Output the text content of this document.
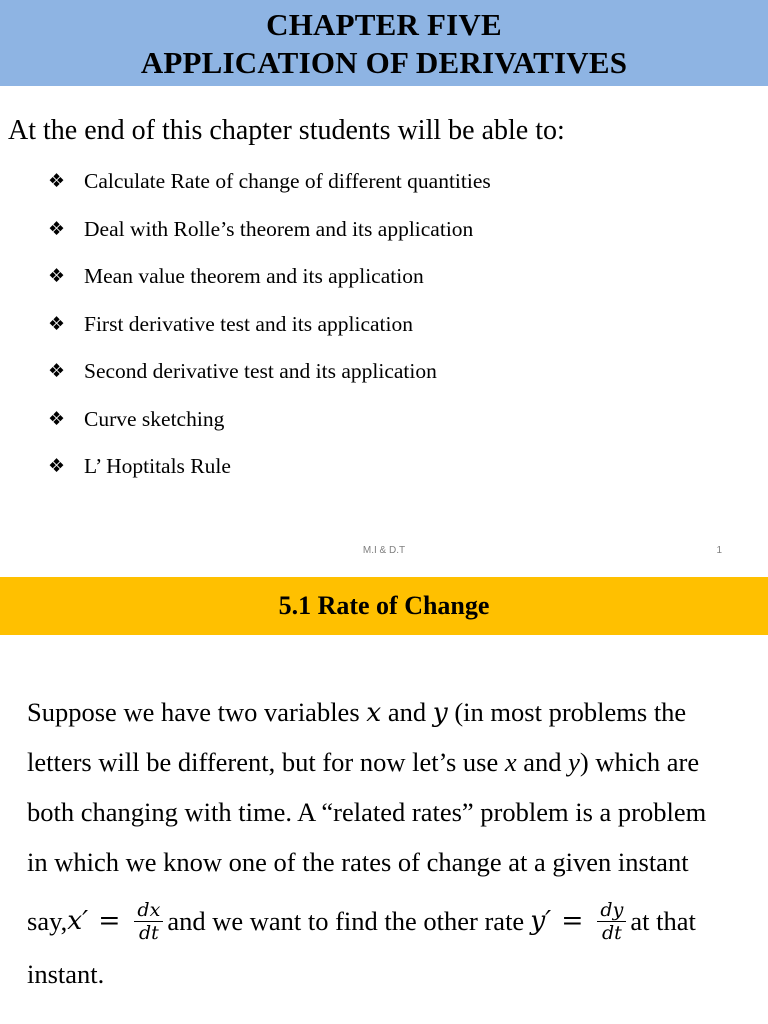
CHAPTER FIVE
APPLICATION OF DERIVATIVES
At the end of this chapter students will be able to:
❖ Calculate Rate of change of different quantities
❖ Deal with Rolle’s theorem and its application
❖ Mean value theorem and its application
❖ First derivative test and its application
❖ Second derivative test and its application
❖ Curve sketching
❖ L’ Hoptitals Rule
M.I & D.T	1
5.1 Rate of Change
Suppose we have two variables x and y (in most problems the
letters will be different, but for now let’s use x and y) which are
both changing with time. A “related rates” problem is a problem
in which we know one of the rates of change at a given instant
say, $x' = \frac{dx}{dt}$ and we want to find the other rate $y' = \frac{dy}{dt}$ at that
instant.
